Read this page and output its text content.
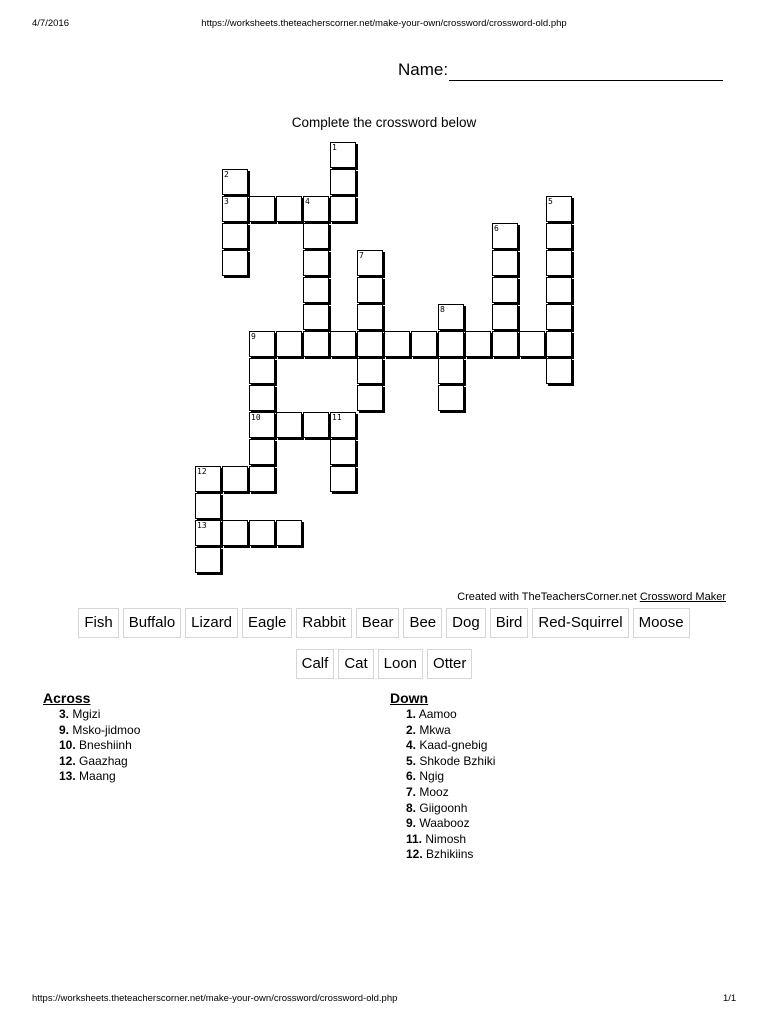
4/7/2016	https://worksheets.theteacherscorner.net/make-your-own/crossword/crossword-old.php
Name:
Complete the crossword below
1
2
3	4	5
6
7
8
9
10	11
12
13
Created with TheTeachersCorner.net Crossword Maker
Fish	Buffalo	Lizard	Eagle	Rabbit	Bear	Bee	Dog	Bird	Red-Squirrel	Moose
Calf	Cat	Loon	Otter
Across
3. Mgizi
9. Msko-jidmoo
10. Bneshiinh
12. Gaazhag
13. Maang
Down
1. Aamoo
2. Mkwa
4. Kaad-gnebig
5. Shkode Bzhiki
6. Ngig
7. Mooz
8. Giigoonh
9. Waabooz
11. Nimosh
12. Bzhikiins
https://worksheets.theteacherscorner.net/make-your-own/crossword/crossword-old.php	1/1
